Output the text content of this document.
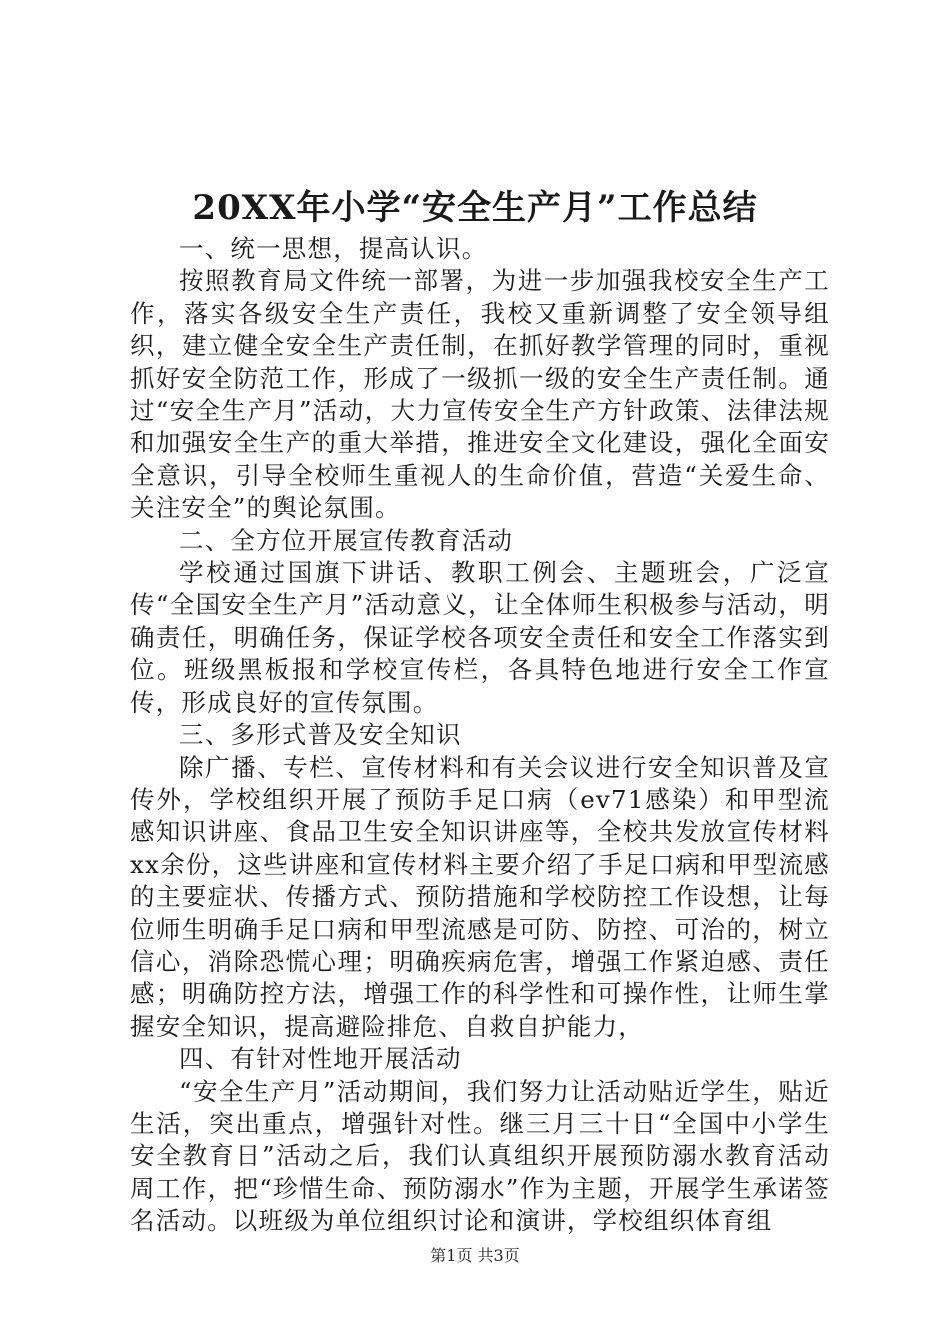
20XX年小学“安全生产月”工作总结

一、统一思想，提高认识。

按照教育局文件统一部署，为进一步加强我校安全生产工作，落实各级安全生产责任，我校又重新调整了安全领导组织，建立健全安全生产责任制，在抓好教学管理的同时，重视抓好安全防范工作，形成了一级抓一级的安全生产责任制。通过“安全生产月”活动，大力宣传安全生产方针政策、法律法规和加强安全生产的重大举措，推进安全文化建设，强化全面安全意识，引导全校师生重视人的生命价值，营造“关爱生命、关注安全”的舆论氛围。

二、全方位开展宣传教育活动

学校通过国旗下讲话、教职工例会、主题班会，广泛宣传“全国安全生产月”活动意义，让全体师生积极参与活动，明确责任，明确任务，保证学校各项安全责任和安全工作落实到位。班级黑板报和学校宣传栏，各具特色地进行安全工作宣传，形成良好的宣传氛围。

三、多形式普及安全知识

除广播、专栏、宣传材料和有关会议进行安全知识普及宣传外，学校组织开展了预防手足口病（ev71感染）和甲型流感知识讲座、食品卫生安全知识讲座等，全校共发放宣传材料xx余份，这些讲座和宣传材料主要介绍了手足口病和甲型流感的主要症状、传播方式、预防措施和学校防控工作设想，让每位师生明确手足口病和甲型流感是可防、防控、可治的，树立信心，消除恐慌心理；明确疾病危害，增强工作紧迫感、责任感；明确防控方法，增强工作的科学性和可操作性，让师生掌握安全知识，提高避险排危、自救自护能力，

四、有针对性地开展活动

“安全生产月”活动期间，我们努力让活动贴近学生，贴近生活，突出重点，增强针对性。继三月三十日“全国中小学生安全教育日”活动之后，我们认真组织开展预防溺水教育活动周工作，把“珍惜生命、预防溺水”作为主题，开展学生承诺签名活动。以班级为单位组织讨论和演讲，学校组织体育组

第1页 共3页
